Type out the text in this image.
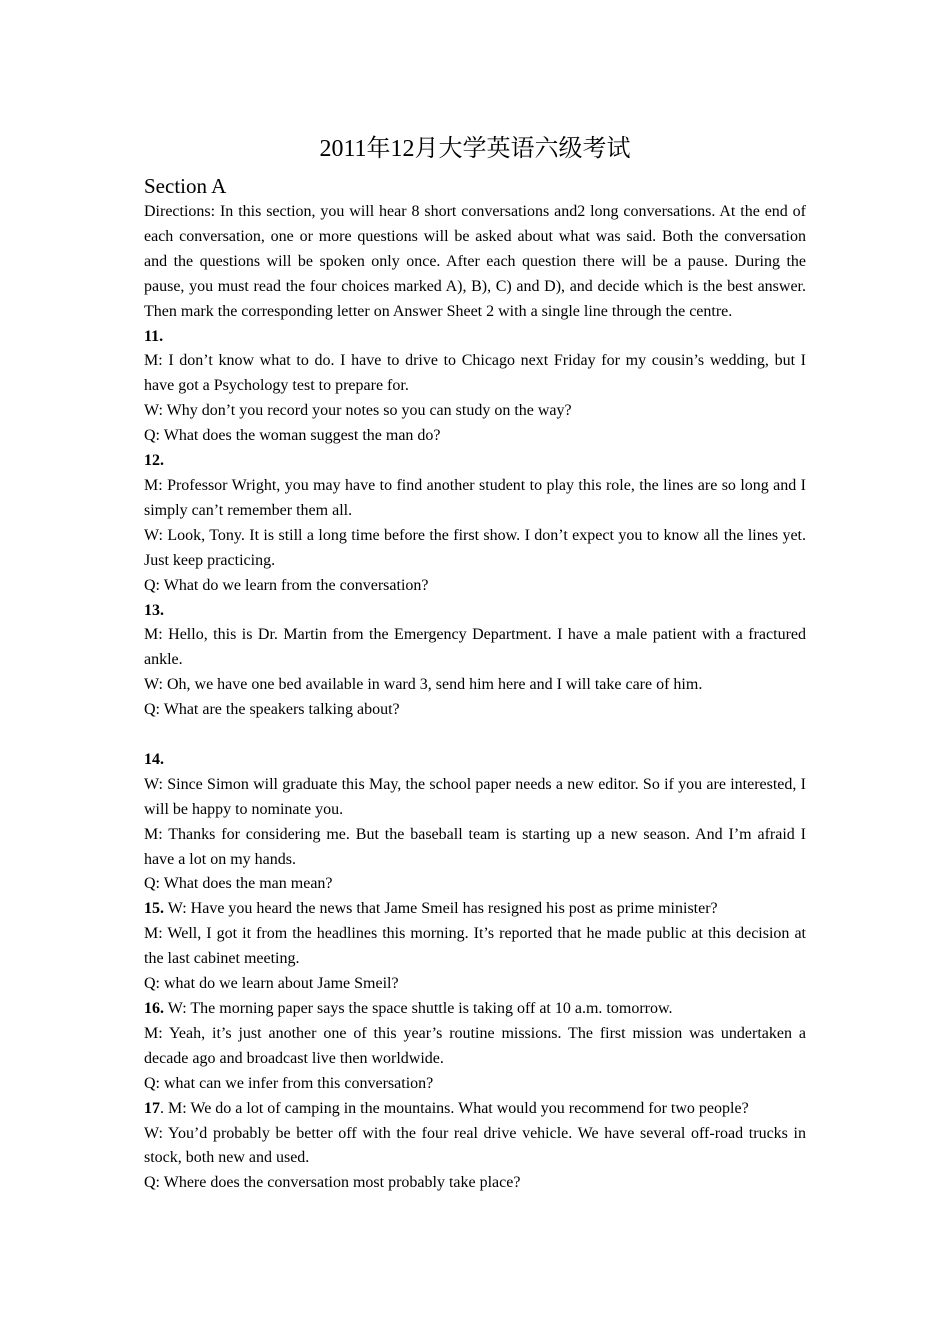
2011年12月大学英语六级考试
Section A

Directions: In this section, you will hear 8 short conversations and2 long conversations. At the end of each conversation, one or more questions will be asked about what was said. Both the conversation and the questions will be spoken only once. After each question there will be a pause. During the pause, you must read the four choices marked A), B), C) and D), and decide which is the best answer. Then mark the corresponding letter on Answer Sheet 2 with a single line through the centre.

11.

M: I don’t know what to do. I have to drive to Chicago next Friday for my cousin’s wedding, but I have got a Psychology test to prepare for.

W: Why don’t you record your notes so you can study on the way?

Q: What does the woman suggest the man do?

12.

M: Professor Wright, you may have to find another student to play this role, the lines are so long and I simply can’t remember them all.

W: Look, Tony. It is still a long time before the first show. I don’t expect you to know all the lines yet. Just keep practicing.

Q: What do we learn from the conversation?

13.

M: Hello, this is Dr. Martin from the Emergency Department. I have a male patient with a fractured ankle.

W: Oh, we have one bed available in ward 3, send him here and I will take care of him.

Q: What are the speakers talking about?

14.

W: Since Simon will graduate this May, the school paper needs a new editor. So if you are interested, I will be happy to nominate you.

M: Thanks for considering me. But the baseball team is starting up a new season. And I’m afraid I have a lot on my hands.

Q: What does the man mean?

15. W: Have you heard the news that Jame Smeil has resigned his post as prime minister?

M: Well, I got it from the headlines this morning. It’s reported that he made public at this decision at the last cabinet meeting.

Q: what do we learn about Jame Smeil?

16. W: The morning paper says the space shuttle is taking off at 10 a.m. tomorrow.

M: Yeah, it’s just another one of this year’s routine missions. The first mission was undertaken a decade ago and broadcast live then worldwide.

Q: what can we infer from this conversation?

17. M: We do a lot of camping in the mountains. What would you recommend for two people?

W: You’d probably be better off with the four real drive vehicle. We have several off-road trucks in stock, both new and used.

Q: Where does the conversation most probably take place?
